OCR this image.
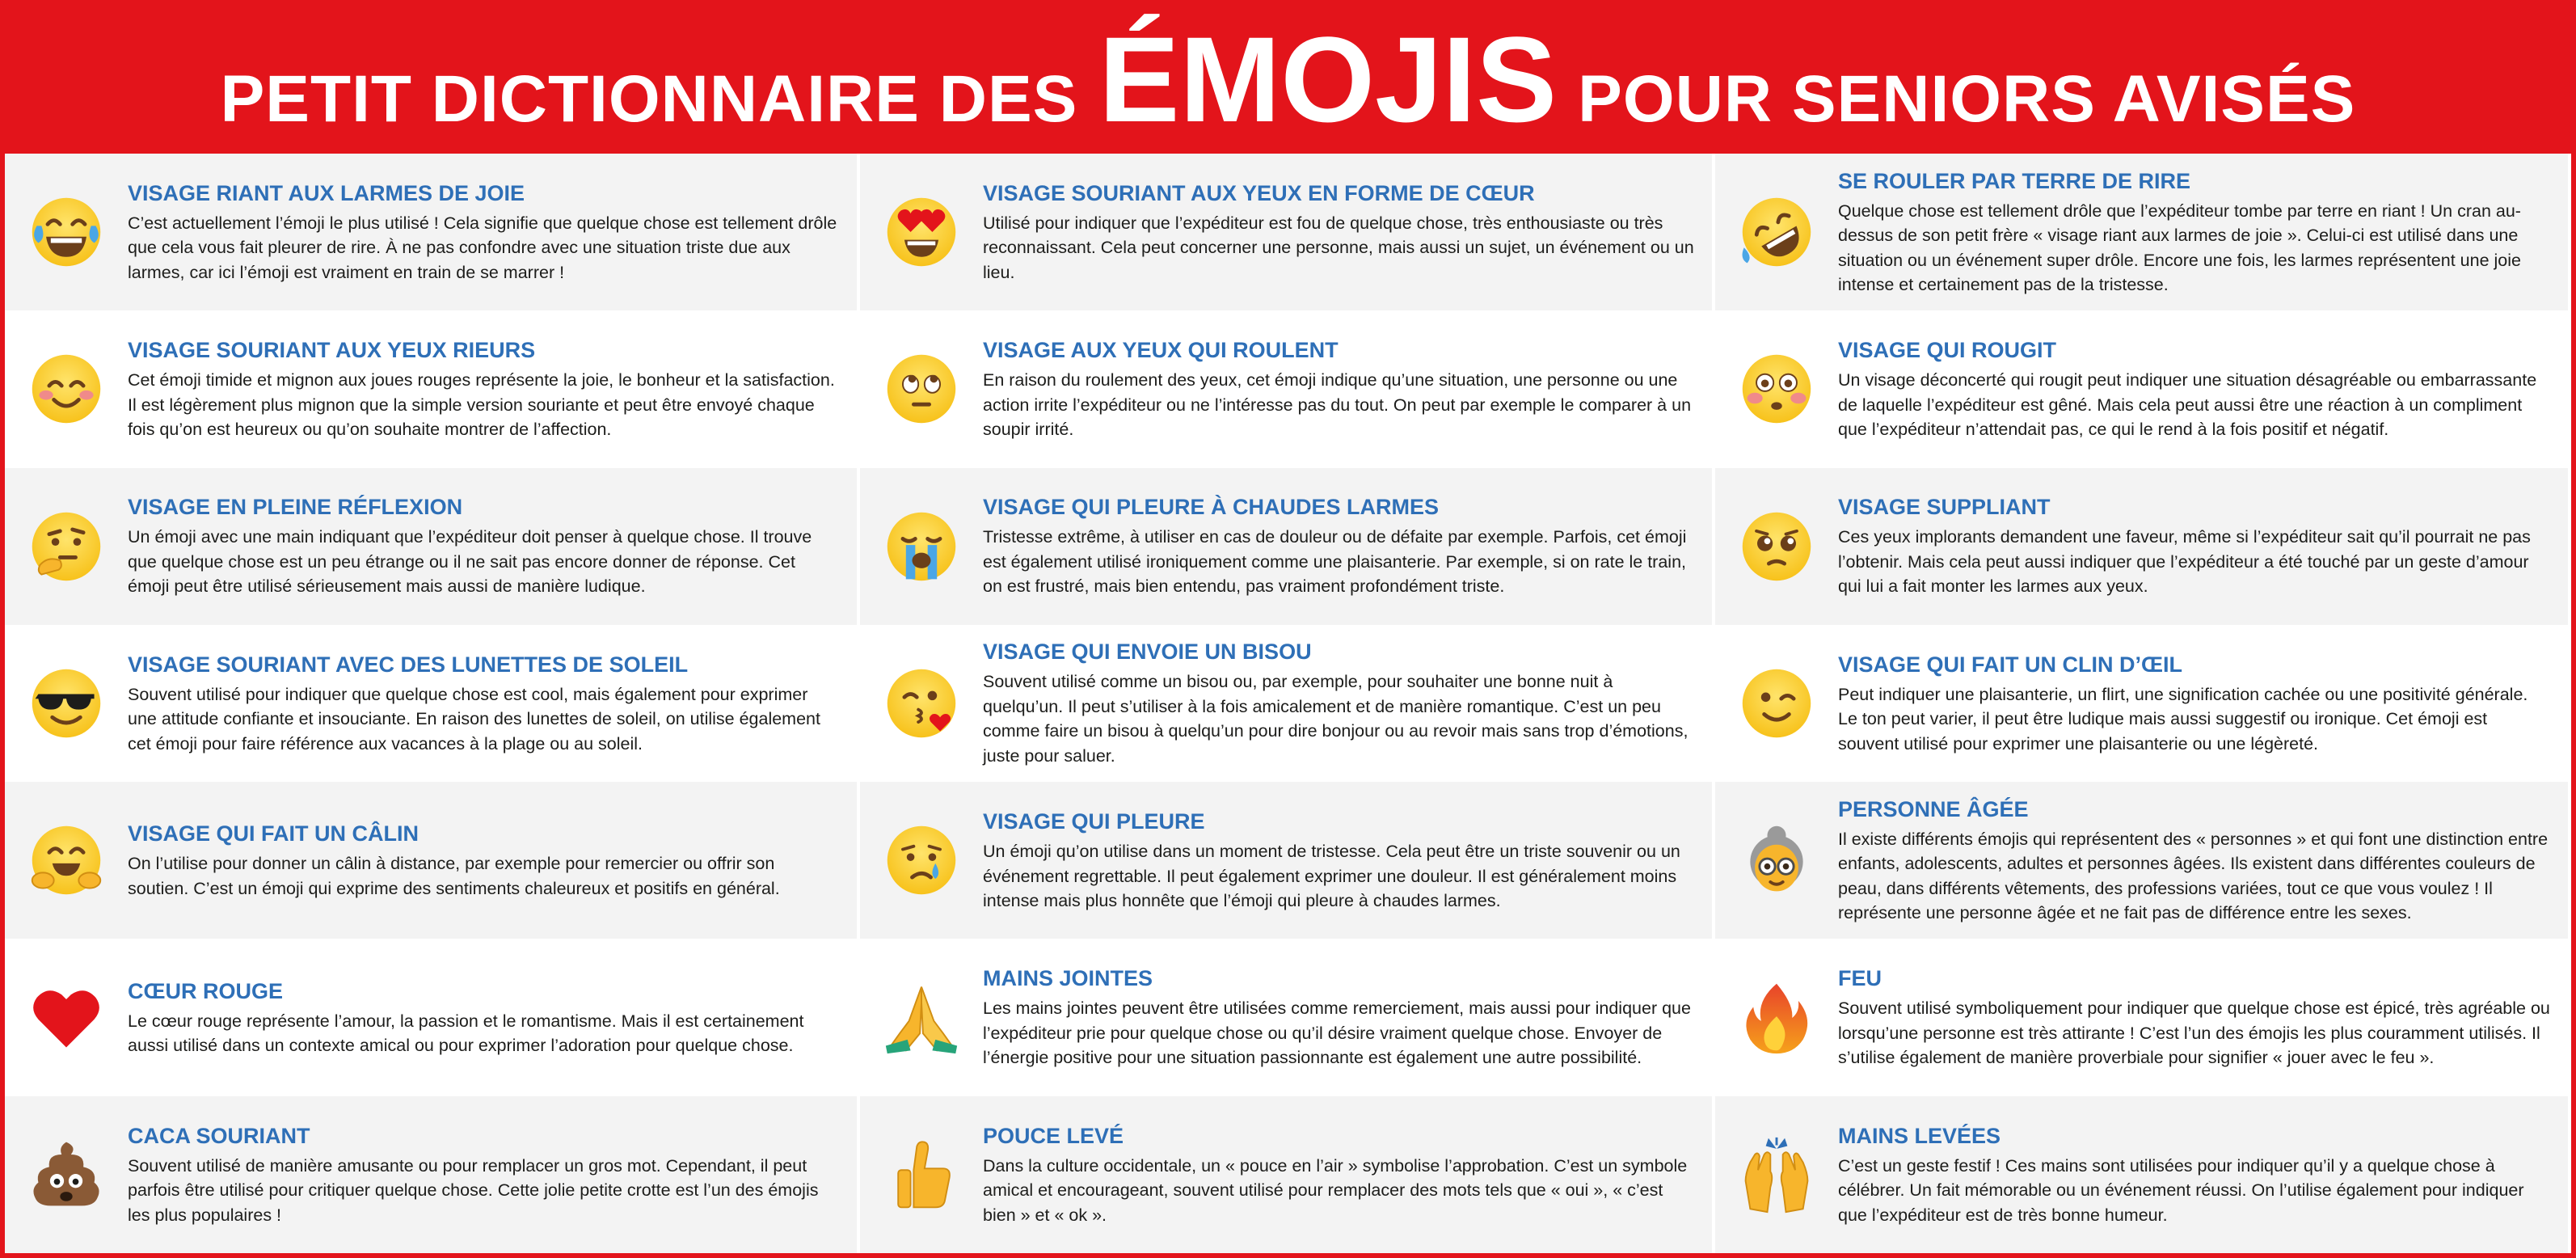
PETIT DICTIONNAIRE DES ÉMOJIS POUR SENIORS AVISÉS
VISAGE RIANT AUX LARMES DE JOIE
C’est actuellement l’émoji le plus utilisé ! Cela signifie que quelque chose est tellement drôle que cela vous fait pleurer de rire. À ne pas confondre avec une situation triste due aux larmes, car ici l’émoji est vraiment en train de se marrer !
VISAGE SOURIANT AUX YEUX EN FORME DE CŒUR
Utilisé pour indiquer que l’expéditeur est fou de quelque chose, très enthousiaste ou très reconnaissant. Cela peut concerner une personne, mais aussi un sujet, un événement ou un lieu.
SE ROULER PAR TERRE DE RIRE
Quelque chose est tellement drôle que l’expéditeur tombe par terre en riant ! Un cran au-dessus de son petit frère « visage riant aux larmes de joie ». Celui-ci est utilisé dans une situation ou un événement super drôle. Encore une fois, les larmes représentent une joie intense et certainement pas de la tristesse.
VISAGE SOURIANT AUX YEUX RIEURS
Cet émoji timide et mignon aux joues rouges représente la joie, le bonheur et la satisfaction. Il est légèrement plus mignon que la simple version souriante et peut être envoyé chaque fois qu’on est heureux ou qu’on souhaite montrer de l’affection.
VISAGE AUX YEUX QUI ROULENT
En raison du roulement des yeux, cet émoji indique qu’une situation, une personne ou une action irrite l’expéditeur ou ne l’intéresse pas du tout. On peut par exemple le comparer à un soupir irrité.
VISAGE QUI ROUGIT
Un visage déconcerté qui rougit peut indiquer une situation désagréable ou embarrassante de laquelle l’expéditeur est gêné. Mais cela peut aussi être une réaction à un compliment que l’expéditeur n’attendait pas, ce qui le rend à la fois positif et négatif.
VISAGE EN PLEINE RÉFLEXION
Un émoji avec une main indiquant que l’expéditeur doit penser à quelque chose. Il trouve que quelque chose est un peu étrange ou il ne sait pas encore donner de réponse. Cet émoji peut être utilisé sérieusement mais aussi de manière ludique.
VISAGE QUI PLEURE À CHAUDES LARMES
Tristesse extrême, à utiliser en cas de douleur ou de défaite par exemple. Parfois, cet émoji est également utilisé ironiquement comme une plaisanterie. Par exemple, si on rate le train, on est frustré, mais bien entendu, pas vraiment profondément triste.
VISAGE SUPPLIANT
Ces yeux implorants demandent une faveur, même si l’expéditeur sait qu’il pourrait ne pas l’obtenir. Mais cela peut aussi indiquer que l’expéditeur a été touché par un geste d’amour qui lui a fait monter les larmes aux yeux.
VISAGE SOURIANT AVEC DES LUNETTES DE SOLEIL
Souvent utilisé pour indiquer que quelque chose est cool, mais également pour exprimer une attitude confiante et insouciante. En raison des lunettes de soleil, on utilise également cet émoji pour faire référence aux vacances à la plage ou au soleil.
VISAGE QUI ENVOIE UN BISOU
Souvent utilisé comme un bisou ou, par exemple, pour souhaiter une bonne nuit à quelqu’un. Il peut s’utiliser à la fois amicalement et de manière romantique. C’est un peu comme faire un bisou à quelqu’un pour dire bonjour ou au revoir mais sans trop d’émotions, juste pour saluer.
VISAGE QUI FAIT UN CLIN D’ŒIL
Peut indiquer une plaisanterie, un flirt, une signification cachée ou une positivité générale. Le ton peut varier, il peut être ludique mais aussi suggestif ou ironique. Cet émoji est souvent utilisé pour exprimer une plaisanterie ou une légèreté.
VISAGE QUI FAIT UN CÂLIN
On l’utilise pour donner un câlin à distance, par exemple pour remercier ou offrir son soutien. C’est un émoji qui exprime des sentiments chaleureux et positifs en général.
VISAGE QUI PLEURE
Un émoji qu’on utilise dans un moment de tristesse. Cela peut être un triste souvenir ou un événement regrettable. Il peut également exprimer une douleur. Il est généralement moins intense mais plus honnête que l’émoji qui pleure à chaudes larmes.
PERSONNE ÂGÉE
Il existe différents émojis qui représentent des « personnes » et qui font une distinction entre enfants, adolescents, adultes et personnes âgées. Ils existent dans différentes couleurs de peau, dans différents vêtements, des professions variées, tout ce que vous voulez ! Il représente une personne âgée et ne fait pas de différence entre les sexes.
CŒUR ROUGE
Le cœur rouge représente l’amour, la passion et le romantisme. Mais il est certainement aussi utilisé dans un contexte amical ou pour exprimer l’adoration pour quelque chose.
MAINS JOINTES
Les mains jointes peuvent être utilisées comme remerciement, mais aussi pour indiquer que l’expéditeur prie pour quelque chose ou qu’il désire vraiment quelque chose. Envoyer de l’énergie positive pour une situation passionnante est également une autre possibilité.
FEU
Souvent utilisé symboliquement pour indiquer que quelque chose est épicé, très agréable ou lorsqu’une personne est très attirante ! C’est l’un des émojis les plus couramment utilisés. Il s’utilise également de manière proverbiale pour signifier « jouer avec le feu ».
CACA SOURIANT
Souvent utilisé de manière amusante ou pour remplacer un gros mot. Cependant, il peut parfois être utilisé pour critiquer quelque chose. Cette jolie petite crotte est l’un des émojis les plus populaires !
POUCE LEVÉ
Dans la culture occidentale, un « pouce en l’air » symbolise l’approbation. C’est un symbole amical et encourageant, souvent utilisé pour remplacer des mots tels que « oui », « c’est bien » et « ok ».
MAINS LEVÉES
C’est un geste festif ! Ces mains sont utilisées pour indiquer qu’il y a quelque chose à célébrer. Un fait mémorable ou un événement réussi. On l’utilise également pour indiquer que l’expéditeur est de très bonne humeur.
